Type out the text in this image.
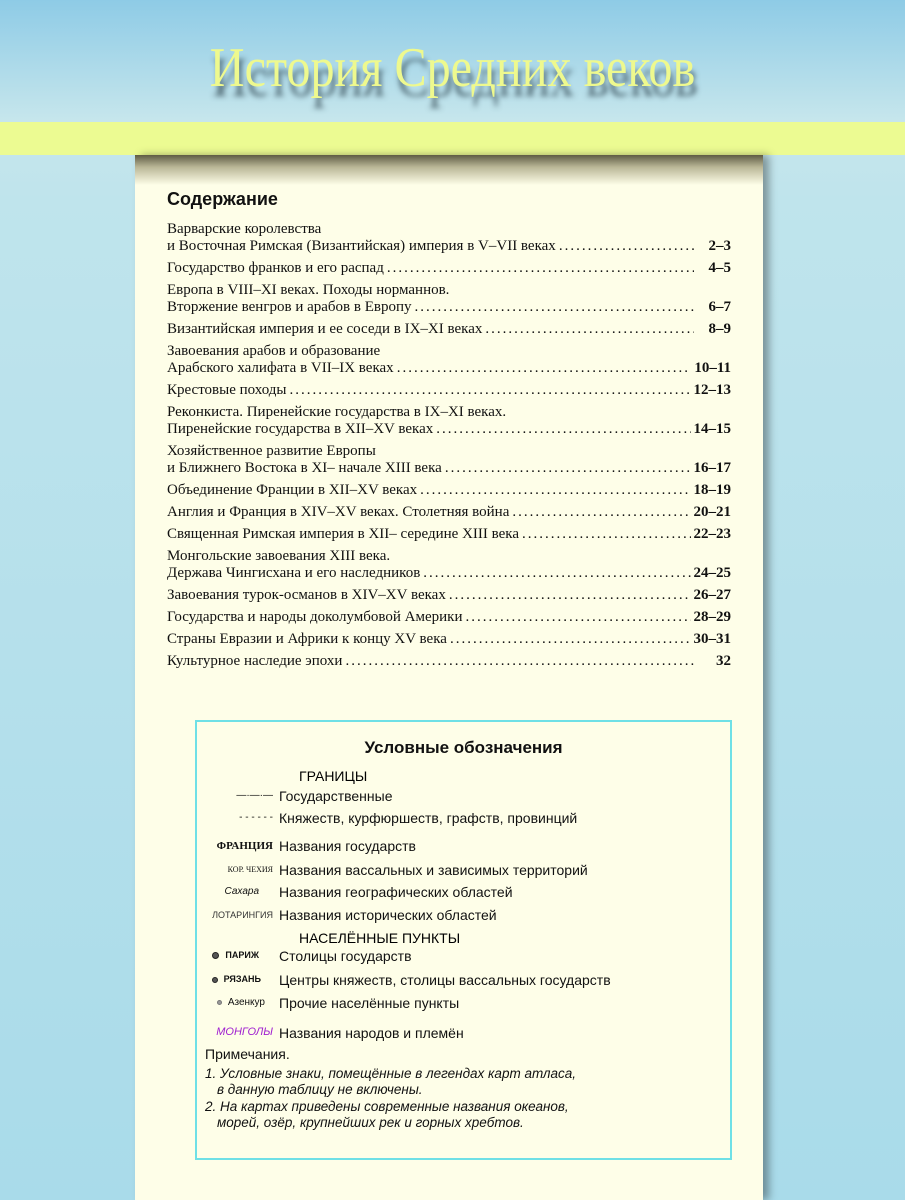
История Средних веков
Содержание
Варварские королевства
и Восточная Римская (Византийская) империя в V–VII веках .....	2–3
Государство франков и его распад .....	4–5
Европа в VIII–XI веках. Походы норманнов.
Вторжение венгров и арабов в Европу .....	6–7
Византийская империя и ее соседи в IX–XI веках .....	8–9
Завоевания арабов и образование
Арабского халифата в VII–IX веках .....	10–11
Крестовые походы .....	12–13
Реконкиста. Пиренейские государства в IX–XI веках.
Пиренейские государства в XII–XV веках .....	14–15
Хозяйственное развитие Европы
и Ближнего Востока в XI– начале XIII века .....	16–17
Объединение Франции в XII–XV веках .....	18–19
Англия и Франция в XIV–XV веках. Столетняя война .....	20–21
Священная Римская империя в XII– середине XIII века .....	22–23
Монгольские завоевания XIII века.
Держава Чингисхана и его наследников .....	24–25
Завоевания турок-османов в XIV–XV веках .....	26–27
Государства и народы доколумбовой Америки .....	28–29
Страны Евразии и Африки к концу XV века .....	30–31
Культурное наследие эпохи .....	32
Условные обозначения
ГРАНИЦЫ
—·—·— Государственные
- - - - - - Княжеств, курфюршеств, графств, провинций
ФРАНЦИЯ Названия государств
КОР. ЧЕХИЯ Названия вассальных и зависимых территорий
Сахара Названия географических областей
ЛОТАРИНГИЯ Названия исторических областей
НАСЕЛЁННЫЕ ПУНКТЫ
ПАРИЖ Столицы государств
РЯЗАНЬ Центры княжеств, столицы вассальных государств
Азенкур Прочие населённые пункты
МОНГОЛЫ Названия народов и племён
Примечания.
1. Условные знаки, помещённые в легендах карт атласа,
в данную таблицу не включены.
2. На картах приведены современные названия океанов,
морей, озёр, крупнейших рек и горных хребтов.
